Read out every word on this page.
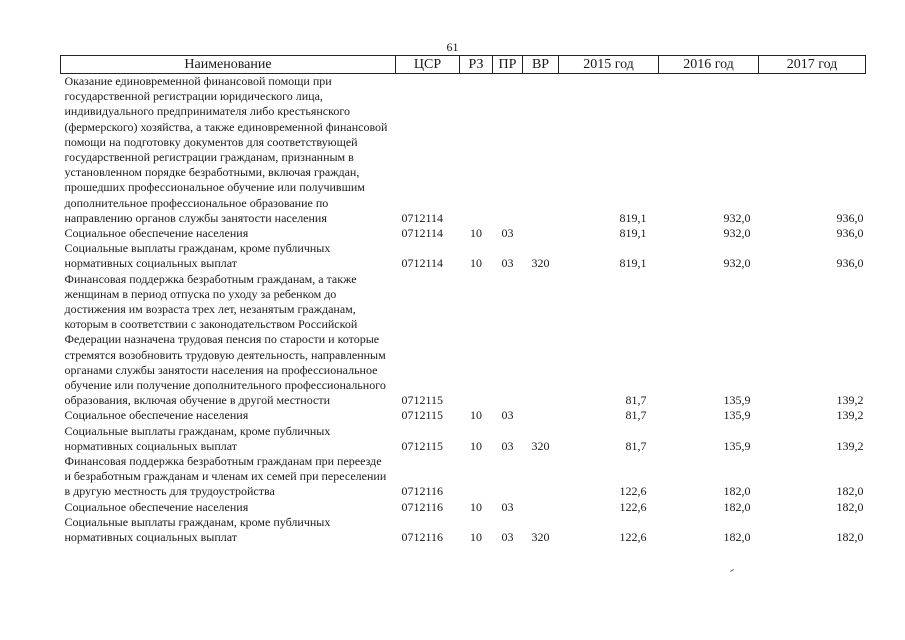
61
Наименование	ЦСР	РЗ	ПР	ВР	2015 год	2016 год	2017 год
Оказание единовременной финансовой помощи при государственной регистрации юридического лица, индивидуального предпринимателя либо крестьянского (фермерского) хозяйства, а также единовременной финансовой помощи на подготовку документов для соответствующей государственной регистрации гражданам, признанным в установленном порядке безработными, включая граждан, прошедших профессиональное обучение или получившим дополнительное профессиональное образование по направлению органов службы занятости населения	0712114				819,1	932,0	936,0
Социальное обеспечение населения	0712114	10	03		819,1	932,0	936,0
Социальные выплаты гражданам, кроме публичных нормативных социальных выплат	0712114	10	03	320	819,1	932,0	936,0
Финансовая поддержка безработным гражданам, а также женщинам в период отпуска по уходу за ребенком до достижения им возраста трех лет, незанятым гражданам, которым в соответствии с законодательством Российской Федерации назначена трудовая пенсия по старости и которые стремятся возобновить трудовую деятельность, направленным органами службы занятости населения на профессиональное обучение или получение дополнительного профессионального образования, включая обучение в другой местности	0712115				81,7	135,9	139,2
Социальное обеспечение населения	0712115	10	03		81,7	135,9	139,2
Социальные выплаты гражданам, кроме публичных нормативных социальных выплат	0712115	10	03	320	81,7	135,9	139,2
Финансовая поддержка безработным гражданам при переезде и безработным гражданам и членам их семей при переселении в другую местность для трудоустройства	0712116				122,6	182,0	182,0
Социальное обеспечение населения	0712116	10	03		122,6	182,0	182,0
Социальные выплаты гражданам, кроме публичных нормативных социальных выплат	0712116	10	03	320	122,6	182,0	182,0
